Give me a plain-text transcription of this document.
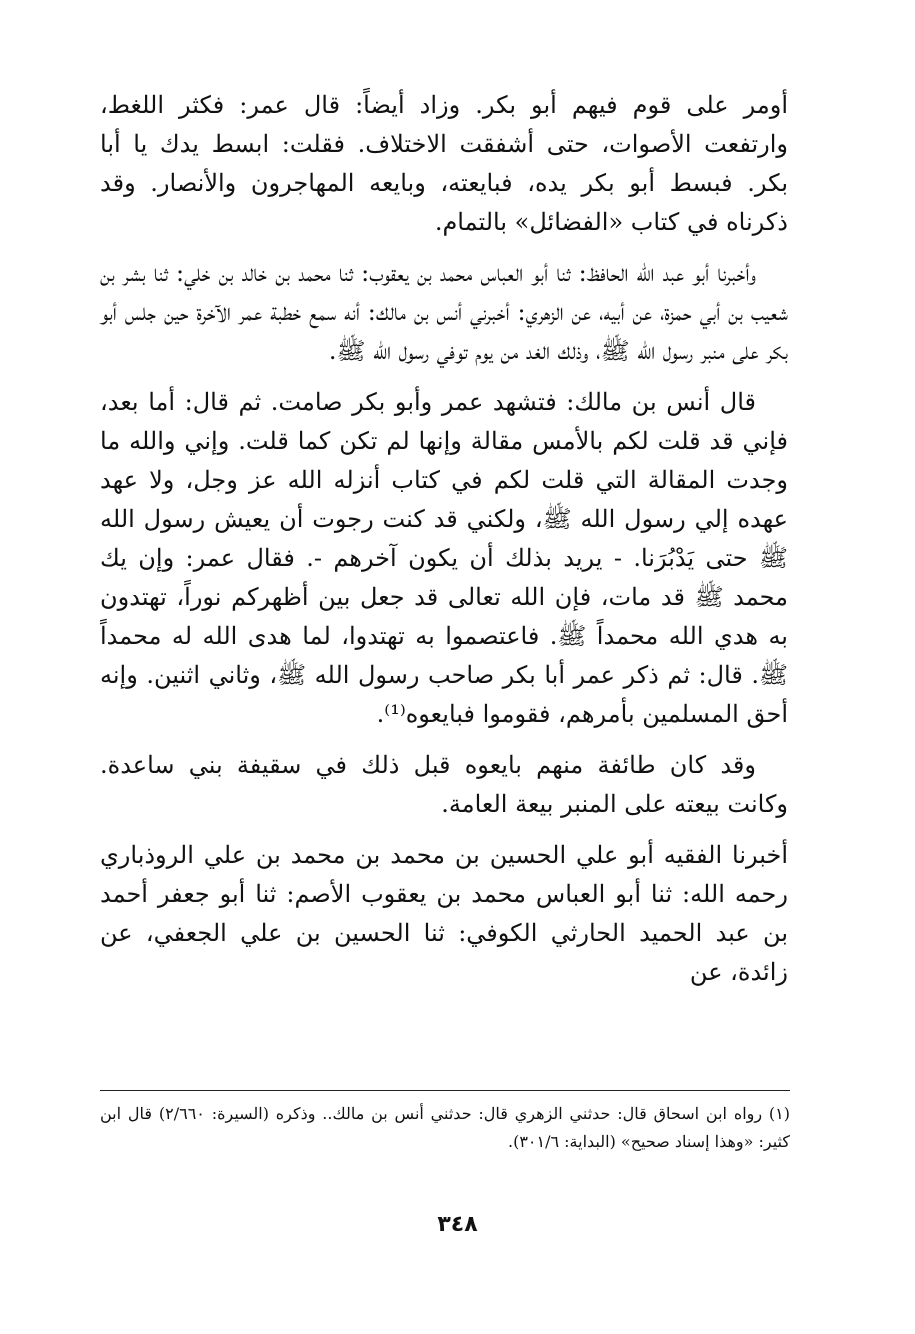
أومر على قوم فيهم أبو بكر. وزاد أيضاً: قال عمر: فكثر اللغط، وارتفعت الأصوات، حتى أشفقت الاختلاف. فقلت: ابسط يدك يا أبا بكر. فبسط أبو بكر يده، فبايعته، وبايعه المهاجرون والأنصار. وقد ذكرناه في كتاب «الفضائل» بالتمام.

وأخبرنا أبو عبد الله الحافظ: ثنا أبو العباس محمد بن يعقوب: ثنا محمد بن خالد بن خلي: ثنا بشر بن شعيب بن أبي حمزة، عن أبيه، عن الزهري: أخبرني أنس بن مالك: أنه سمع خطبة عمر الآخرة حين جلس أبو بكر على منبر رسول الله ﷺ، وذلك الغد من يوم توفي رسول الله ﷺ.

قال أنس بن مالك: فتشهد عمر وأبو بكر صامت. ثم قال: أما بعد، فإني قد قلت لكم بالأمس مقالة وإنها لم تكن كما قلت. وإني والله ما وجدت المقالة التي قلت لكم في كتاب أنزله الله عز وجل، ولا عهد عهده إلي رسول الله ﷺ، ولكني قد كنت رجوت أن يعيش رسول الله ﷺ حتى يَدْبُرَنا. - يريد بذلك أن يكون آخرهم -. فقال عمر: وإن يك محمد ﷺ قد مات، فإن الله تعالى قد جعل بين أظهركم نوراً، تهتدون به هدي الله محمداً ﷺ. فاعتصموا به تهتدوا، لما هدى الله له محمداً ﷺ. قال: ثم ذكر عمر أبا بكر صاحب رسول الله ﷺ، وثاني اثنين. وإنه أحق المسلمين بأمرهم، فقوموا فبايعوه⁽¹⁾.

وقد كان طائفة منهم بايعوه قبل ذلك في سقيفة بني ساعدة. وكانت بيعته على المنبر بيعة العامة.

أخبرنا الفقيه أبو علي الحسين بن محمد بن محمد بن علي الروذباري رحمه الله: ثنا أبو العباس محمد بن يعقوب الأصم: ثنا أبو جعفر أحمد بن عبد الحميد الحارثي الكوفي: ثنا الحسين بن علي الجعفي، عن زائدة، عن

(١) رواه ابن اسحاق قال: حدثني الزهري قال: حدثني أنس بن مالك.. وذكره (السيرة: ٢/٦٦٠) قال ابن كثير: «وهذا إسناد صحيح» (البداية: ٣٠١/٦).

٣٤٨
